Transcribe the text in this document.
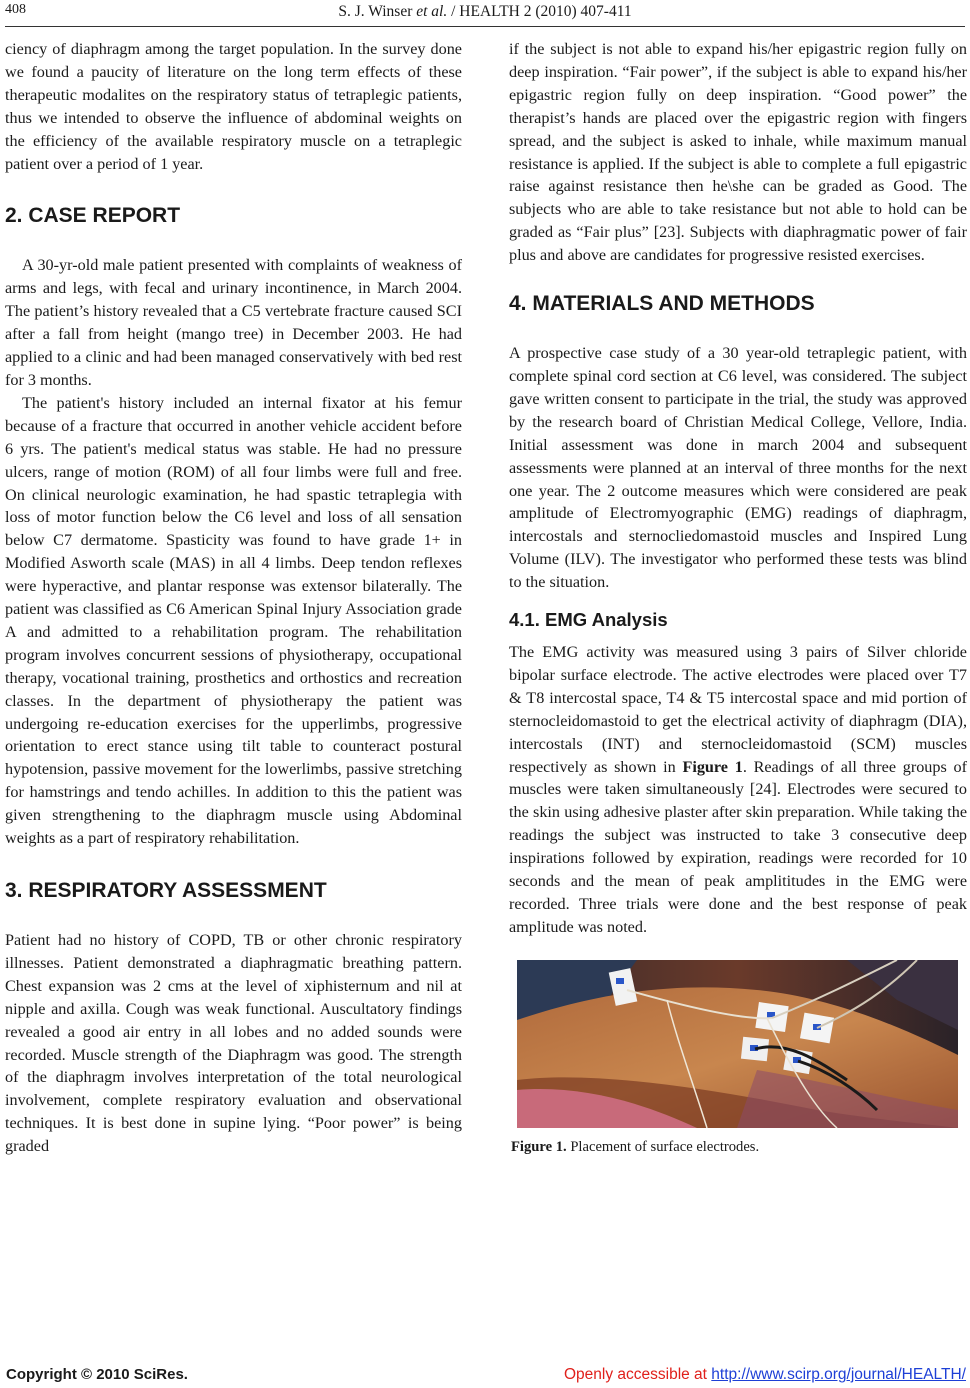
408	S. J. Winser et al. / HEALTH 2 (2010) 407-411

ciency of diaphragm among the target population. In the survey done we found a paucity of literature on the long term effects of these therapeutic modalites on the respiratory status of tetraplegic patients, thus we intended to observe the influence of abdominal weights on the efficiency of the available respiratory muscle on a tetraplegic patient over a period of 1 year.

2. CASE REPORT

A 30-yr-old male patient presented with complaints of weakness of arms and legs, with fecal and urinary incontinence, in March 2004. The patient’s history revealed that a C5 vertebrate fracture caused SCI after a fall from height (mango tree) in December 2003. He had applied to a clinic and had been managed conservatively with bed rest for 3 months.

The patient's history included an internal fixator at his femur because of a fracture that occurred in another vehicle accident before 6 yrs. The patient's medical status was stable. He had no pressure ulcers, range of motion (ROM) of all four limbs were full and free. On clinical neurologic examination, he had spastic tetraplegia with loss of motor function below the C6 level and loss of all sensation below C7 dermatome. Spasticity was found to have grade 1+ in Modified Asworth scale (MAS) in all 4 limbs. Deep tendon reflexes were hyperactive, and plantar response was extensor bilaterally. The patient was classified as C6 American Spinal Injury Association grade A and admitted to a rehabilitation program. The rehabilitation program involves concurrent sessions of physiotherapy, occupational therapy, vocational training, prosthetics and orthostics and recreation classes. In the department of physiotherapy the patient was undergoing re-education exercises for the upperlimbs, progressive orientation to erect stance using tilt table to counteract postural hypotension, passive movement for the lowerlimbs, passive stretching for hamstrings and tendo achilles. In addition to this the patient was given strengthening to the diaphragm muscle using Abdominal weights as a part of respiratory rehabilitation.

3. RESPIRATORY ASSESSMENT

Patient had no history of COPD, TB or other chronic respiratory illnesses. Patient demonstrated a diaphragmatic breathing pattern. Chest expansion was 2 cms at the level of xiphisternum and nil at nipple and axilla. Cough was weak functional. Auscultatory findings revealed a good air entry in all lobes and no added sounds were recorded. Muscle strength of the Diaphragm was good. The strength of the diaphragm involves interpretation of the total neurological involvement, complete respiratory evaluation and observational techniques. It is best done in supine lying. “Poor power” is being graded

if the subject is not able to expand his/her epigastric region fully on deep inspiration. “Fair power”, if the subject is able to expand his/her epigastric region fully on deep inspiration. “Good power” the therapist’s hands are placed over the epigastric region with fingers spread, and the subject is asked to inhale, while maximum manual resistance is applied. If the subject is able to complete a full epigastric raise against resistance then he\she can be graded as Good. The subjects who are able to take resistance but not able to hold can be graded as “Fair plus” [23]. Subjects with diaphragmatic power of fair plus and above are candidates for progressive resisted exercises.

4. MATERIALS AND METHODS

A prospective case study of a 30 year-old tetraplegic patient, with complete spinal cord section at C6 level, was considered. The subject gave written consent to participate in the trial, the study was approved by the research board of Christian Medical College, Vellore, India. Initial assessment was done in march 2004 and subsequent assessments were planned at an interval of three months for the next one year. The 2 outcome measures which were considered are peak amplitude of Electromyographic (EMG) readings of diaphragm, intercostals and sternocliedomastoid muscles and Inspired Lung Volume (ILV). The investigator who performed these tests was blind to the situation.

4.1. EMG Analysis

The EMG activity was measured using 3 pairs of Silver chloride bipolar surface electrode. The active electrodes were placed over T7 & T8 intercostal space, T4 & T5 intercostal space and mid portion of sternocleidomastoid to get the electrical activity of diaphragm (DIA), intercostals (INT) and sternocleidomastoid (SCM) muscles respectively as shown in Figure 1. Readings of all three groups of muscles were taken simultaneously [24]. Electrodes were secured to the skin using adhesive plaster after skin preparation. While taking the readings the subject was instructed to take 3 consecutive deep inspirations followed by expiration, readings were recorded for 10 seconds and the mean of peak amplititudes in the EMG were recorded. Three trials were done and the best response of peak amplitude was noted.

Figure 1. Placement of surface electrodes.
Copyright © 2010 SciRes.	Openly accessible at http://www.scirp.org/journal/HEALTH/
